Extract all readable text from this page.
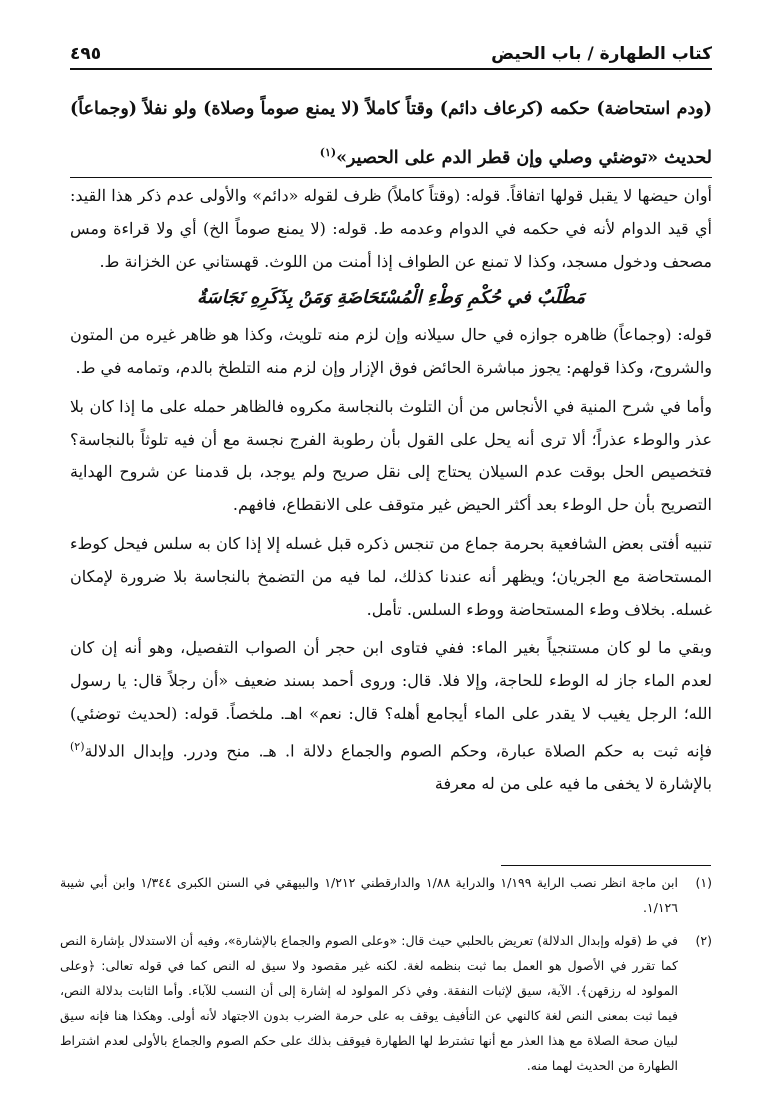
كتاب الطهارة / باب الحيض
٤٩٥
(ودم استحاضة) حكمه (كرعاف دائم) وقتاً كاملاً (لا يمنع صوماً وصلاة) ولو نفلاً (وجماعاً) لحديث «توضئي وصلي وإن قطر الدم على الحصير»$^{(١)}$

أوان حيضها لا يقبل قولها اتفاقاً. قوله: (وقتاً كاملاً) ظرف لقوله «دائم» والأولى عدم ذكر هذا القيد: أي قيد الدوام لأنه في حكمه في الدوام وعدمه ط. قوله: (لا يمنع صوماً الخ) أي ولا قراءة ومس مصحف ودخول مسجد، وكذا لا تمنع عن الطواف إذا أمنت من اللوث. قهستاني عن الخزانة ط.

مَطْلَبٌ في حُكْمِ وَطْءِ الْمُسْتَحَاضَةِ وَمَنْ بِذَكَرِهِ نَجَاسَةٌ

قوله: (وجماعاً) ظاهره جوازه في حال سيلانه وإن لزم منه تلويث، وكذا هو ظاهر غيره من المتون والشروح، وكذا قولهم: يجوز مباشرة الحائض فوق الإزار وإن لزم منه التلطخ بالدم، وتمامه في ط.

وأما في شرح المنية في الأنجاس من أن التلوث بالنجاسة مكروه فالظاهر حمله على ما إذا كان بلا عذر والوطء عذراً؛ ألا ترى أنه يحل على القول بأن رطوبة الفرج نجسة مع أن فيه تلوثاً بالنجاسة؟ فتخصيص الحل بوقت عدم السيلان يحتاج إلى نقل صريح ولم يوجد، بل قدمنا عن شروح الهداية التصريح بأن حل الوطء بعد أكثر الحيض غير متوقف على الانقطاع، فافهم.

تنبيه أفتى بعض الشافعية بحرمة جماع من تنجس ذكره قبل غسله إلا إذا كان به سلس فيحل كوطء المستحاضة مع الجريان؛ ويظهر أنه عندنا كذلك، لما فيه من التضمخ بالنجاسة بلا ضرورة لإمكان غسله. بخلاف وطء المستحاضة ووطء السلس. تأمل.

وبقي ما لو كان مستنجياً بغير الماء: ففي فتاوى ابن حجر أن الصواب التفصيل، وهو أنه إن كان لعدم الماء جاز له الوطء للحاجة، وإلا فلا. قال: وروى أحمد بسند ضعيف «أن رجلاً قال: يا رسول الله؛ الرجل يغيب لا يقدر على الماء أيجامع أهله؟ قال: نعم» اهـ. ملخصاً. قوله: (لحديث توضئي) فإنه ثبت به حكم الصلاة عبارة، وحكم الصوم والجماع دلالة ا. هـ. منح ودرر. وإبدال الدلالة$^{(٢)}$ بالإشارة لا يخفى ما فيه على من له معرفة

(١)
ابن ماجة انظر نصب الراية ١/١٩٩ والدراية ١/٨٨ والدارقطني ١/٢١٢ والبيهقي في السنن الكبرى ١/٣٤٤ وابن أبي شيبة ١/١٢٦.
(٢)
في ط (قوله وإبدال الدلالة) تعريض بالحلبي حيث قال: «وعلى الصوم والجماع بالإشارة»، وفيه أن الاستدلال بإشارة النص كما تقرر في الأصول هو العمل بما ثبت بنظمه لغة. لكنه غير مقصود ولا سيق له النص كما في قوله تعالى: ﴿وعلى المولود له رزقهن﴾. الآية، سيق لإثبات النفقة. وفي ذكر المولود له إشارة إلى أن النسب للآباء. وأما الثابت بدلالة النص، فيما ثبت بمعنى النص لغة كالنهي عن التأفيف يوقف به على حرمة الضرب بدون الاجتهاد لأنه أولى. وهكذا هنا فإنه سيق لبيان صحة الصلاة مع هذا العذر مع أنها تشترط لها الطهارة فيوقف بذلك على حكم الصوم والجماع بالأولى لعدم اشتراط الطهارة من الحديث لهما منه.
